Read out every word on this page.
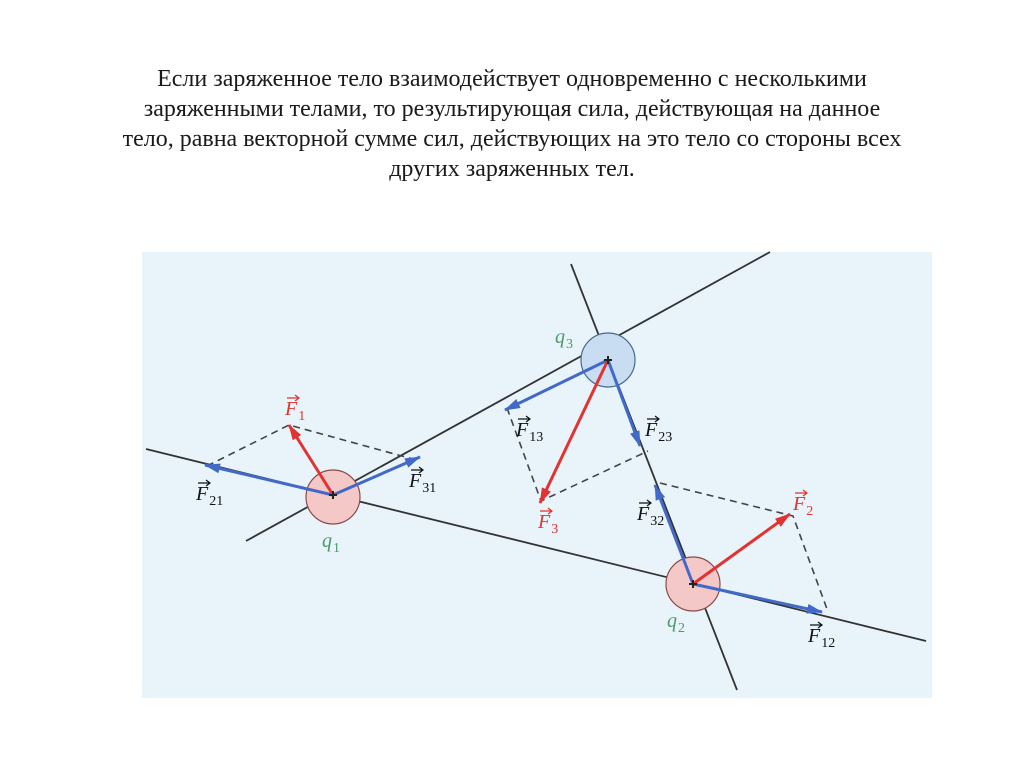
Если заряженное тело взаимодействует одновременно с несколькими
заряженными телами, то результирующая сила, действующая на данное
тело, равна векторной сумме сил, действующих на это тело со стороны всех
других заряженных тел.
$q_1$
$q_2$
$q_3$
$F_{21}$
$F_{31}$
$F_{13}$	$F_{23}$
$F_{32}$
$F_{12}$
$F_1$
$F_3$
$F_2$
